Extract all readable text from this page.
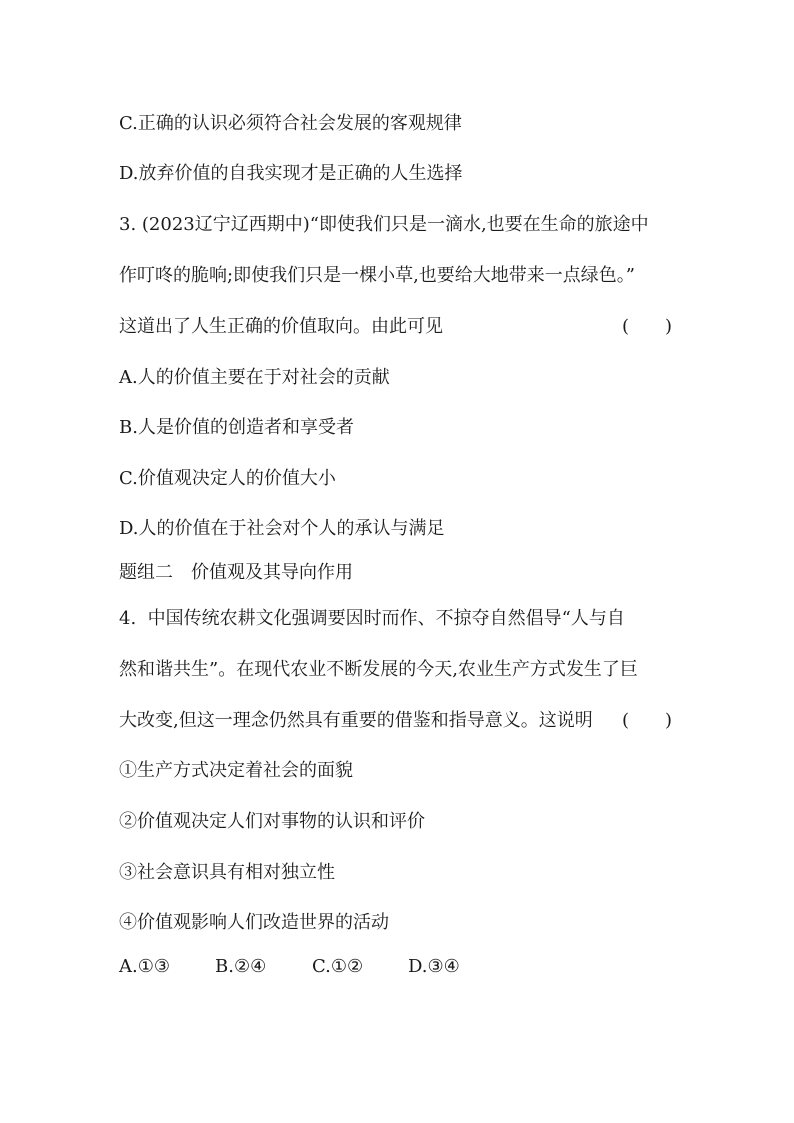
C.正确的认识必须符合社会发展的客观规律
D.放弃价值的自我实现才是正确的人生选择
3. (2023辽宁辽西期中)“即使我们只是一滴水,也要在生命的旅途中
作叮咚的脆响;即使我们只是一棵小草,也要给大地带来一点绿色。”
这道出了人生正确的价值取向。由此可见	(　　)
A.人的价值主要在于对社会的贡献
B.人是价值的创造者和享受者
C.价值观决定人的价值大小
D.人的价值在于社会对个人的承认与满足
题组二　价值观及其导向作用
4.  中国传统农耕文化强调要因时而作、不掠夺自然倡导“人与自
然和谐共生”。在现代农业不断发展的今天,农业生产方式发生了巨
大改变,但这一理念仍然具有重要的借鉴和指导意义。这说明 (　　)
①生产方式决定着社会的面貌
②价值观决定人们对事物的认识和评价
③社会意识具有相对独立性
④价值观影响人们改造世界的活动
A.①③	B.②④	C.①② D.③④
